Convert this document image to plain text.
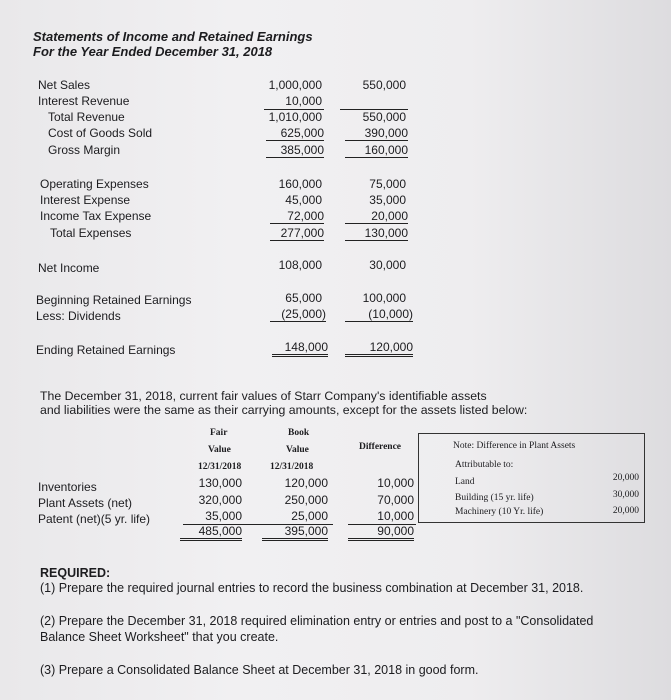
Statements of Income and Retained Earnings
For the Year Ended December 31, 2018
Net Sales	1,000,000	550,000
Interest Revenue	10,000
Total Revenue	1,010,000	550,000
Cost of Goods Sold	625,000	390,000
Gross Margin	385,000	160,000
Operating Expenses	160,000	75,000
Interest Expense	45,000	35,000
Income Tax Expense	72,000	20,000
Total Expenses	277,000	130,000
Net Income	108,000	30,000
Beginning Retained Earnings	65,000	100,000
Less: Dividends	(25,000)	(10,000)
Ending Retained Earnings	148,000	120,000
The December 31, 2018, current fair values of Starr Company's identifiable assets
and liabilities were the same as their carrying amounts, except for the assets listed below:
Fair
Value
12/31/2018
Book
Value
12/31/2018
Difference
Inventories	130,000	120,000	10,000
Plant Assets (net)	320,000	250,000	70,000
Patent (net)(5 yr. life)	35,000	25,000	10,000
485,000	395,000	90,000
Note: Difference in Plant Assets
Attributable to:
Land	20,000
Building (15 yr. life)	30,000
Machinery (10 Yr. life)	20,000
REQUIRED:
(1) Prepare the required journal entries to record the business combination at December 31, 2018.
(2) Prepare the December 31, 2018 required elimination entry or entries and post to a "Consolidated
Balance Sheet Worksheet" that you create.
(3) Prepare a Consolidated Balance Sheet at December 31, 2018 in good form.
